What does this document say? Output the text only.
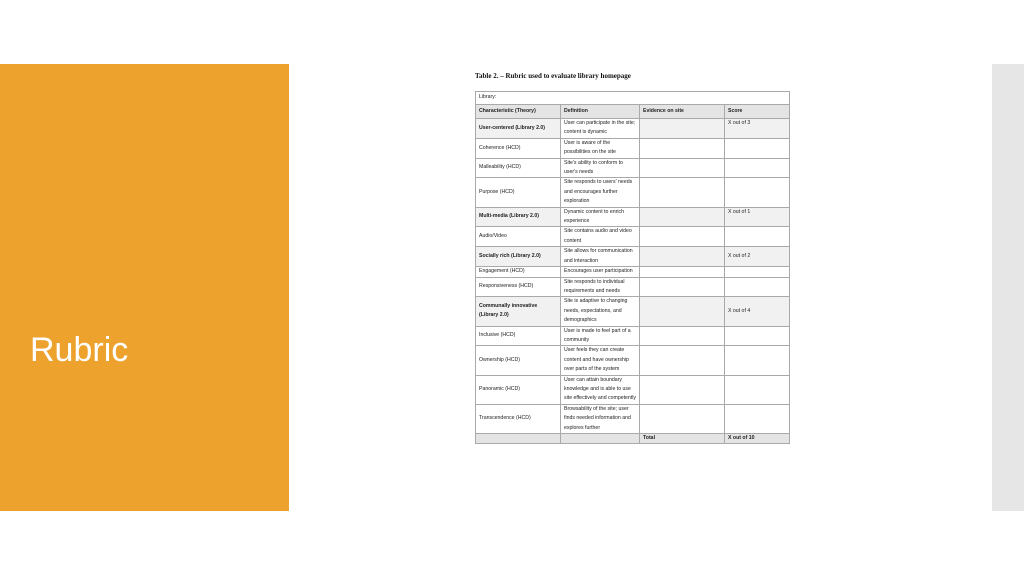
Rubric

Table 2. – Rubric used to evaluate library homepage

Library:			
Characteristic (Theory)	Definition	Evidence on site	Score
User-centered (Library 2.0)	User can participate in the site; content is dynamic		X out of 3
Coherence (HCD)	User is aware of the possibilities on the site		
Malleability (HCD)	Site's ability to conform to user's needs		
Purpose (HCD)	Site responds to users' needs and encourages further exploration		
Multi-media (Library 2.0)	Dynamic content to enrich experience		X out of 1
Audio/Video	Site contains audio and video content		
Socially rich (Library 2.0)	Site allows for communication and interaction		X out of 2
Engagement (HCD)	Encourages user participation		
Responsiveness (HCD)	Site responds to individual requirements and needs		
Communally innovative (Library 2.0)	Site is adaptive to changing needs, expectations, and demographics		X out of 4
Inclusive (HCD)	User is made to feel part of a community		
Ownership (HCD)	User feels they can create content and have ownership over parts of the system		
Panoramic (HCD)	User can attain boundary knowledge and is able to use site effectively and competently		
Transcendence (HCD)	Browsability of the site; user finds needed information and explores further		
		Total	X out of 10
